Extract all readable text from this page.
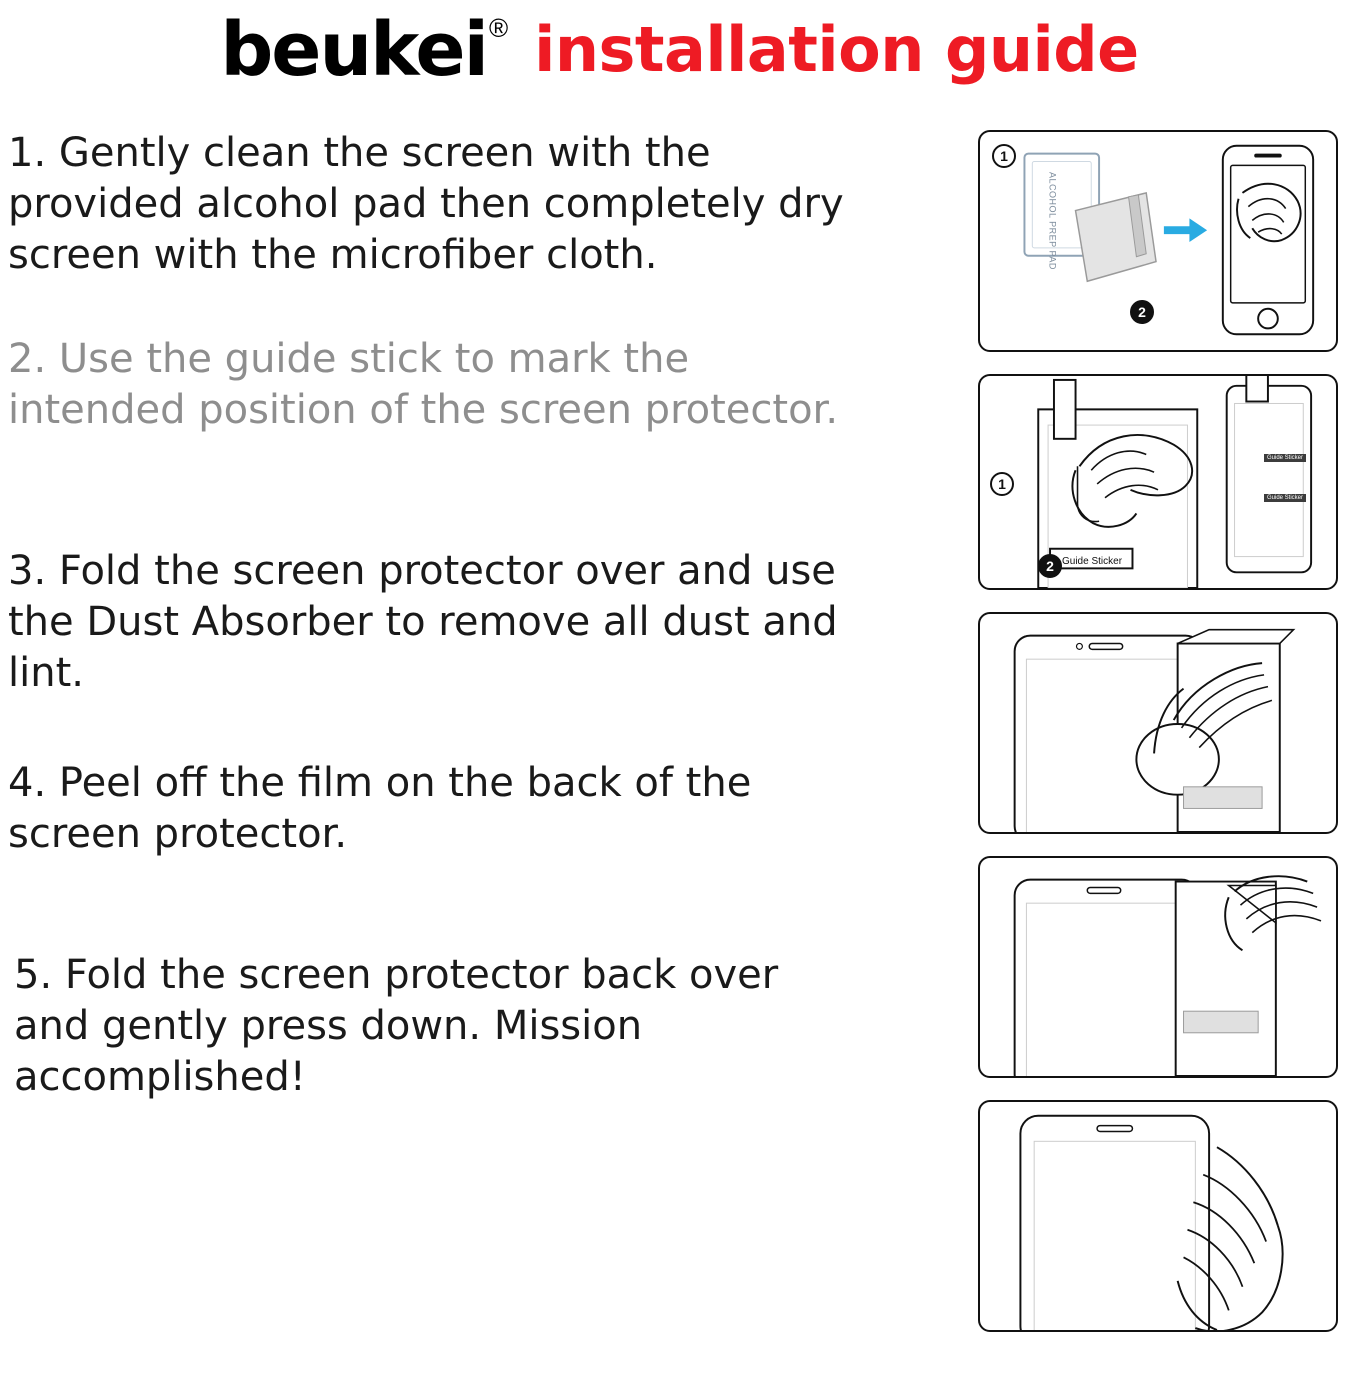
beukei ® installation guide
1. Gently clean the screen with the provided alcohol pad then completely dry screen with the microfiber cloth.
2. Use the guide stick to mark the intended position of the screen protector.
3. Fold the screen protector over and use the Dust Absorber to remove all dust and lint.
4. Peel off the film on the back of the screen protector.
5. Fold the screen protector back over and gently press down. Mission accomplished!
1
2
ALCOHOL PREP PAD
1
2 Guide Sticker
Guide Sticker
Guide Sticker
